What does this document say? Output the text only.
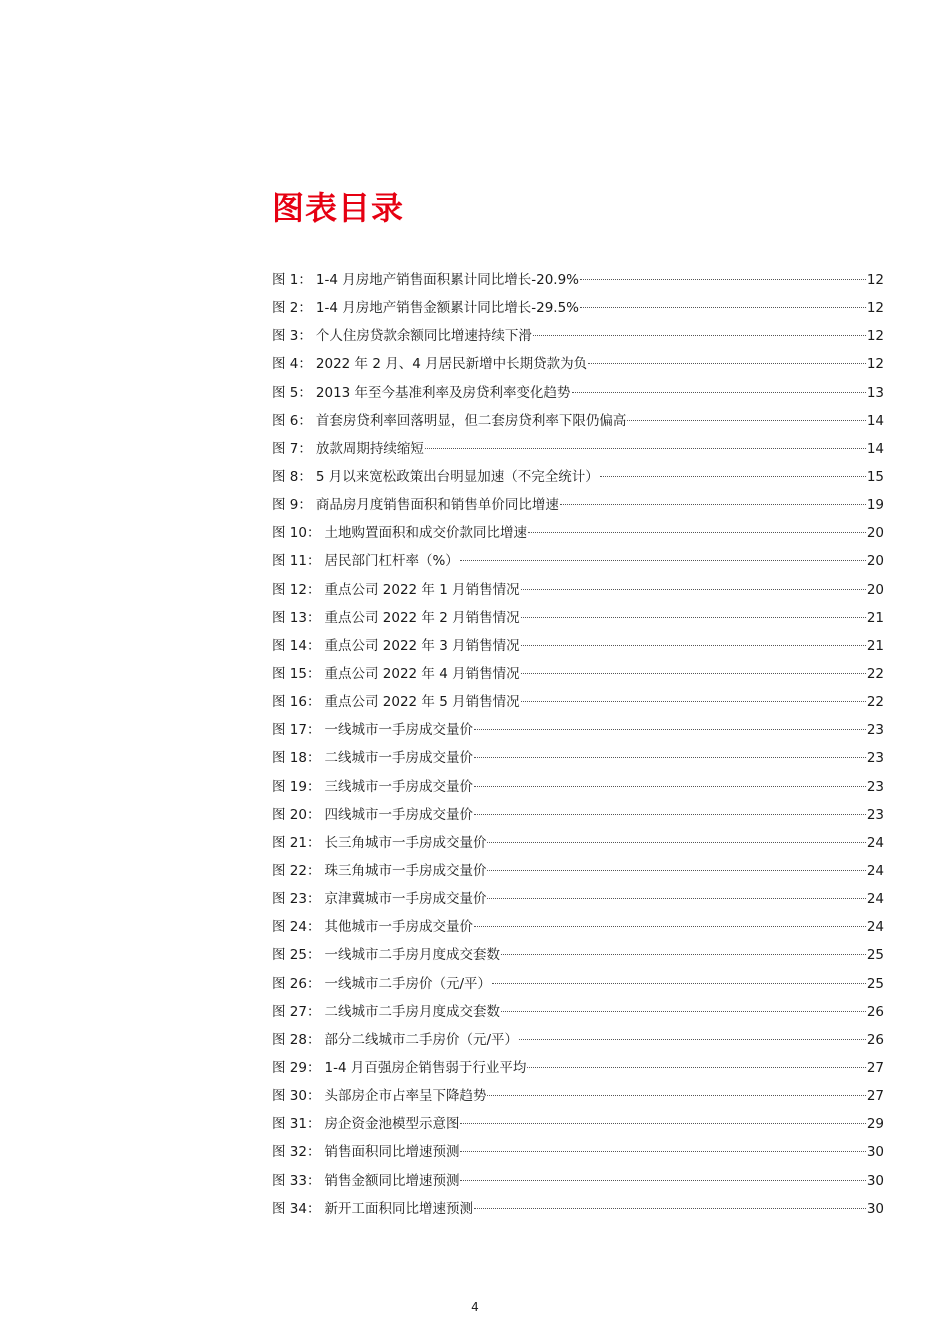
图表目录
图 1： 1-4 月房地产销售面积累计同比增长-20.9%	12
图 2： 1-4 月房地产销售金额累计同比增长-29.5%	12
图 3： 个人住房贷款余额同比增速持续下滑	12
图 4： 2022 年 2 月、4 月居民新增中长期贷款为负	12
图 5： 2013 年至今基准利率及房贷利率变化趋势	13
图 6： 首套房贷利率回落明显，但二套房贷利率下限仍偏高	14
图 7： 放款周期持续缩短	14
图 8： 5 月以来宽松政策出台明显加速（不完全统计）	15
图 9： 商品房月度销售面积和销售单价同比增速	19
图 10： 土地购置面积和成交价款同比增速	20
图 11： 居民部门杠杆率（%）	20
图 12： 重点公司 2022 年 1 月销售情况	20
图 13： 重点公司 2022 年 2 月销售情况	21
图 14： 重点公司 2022 年 3 月销售情况	21
图 15： 重点公司 2022 年 4 月销售情况	22
图 16： 重点公司 2022 年 5 月销售情况	22
图 17： 一线城市一手房成交量价	23
图 18： 二线城市一手房成交量价	23
图 19： 三线城市一手房成交量价	23
图 20： 四线城市一手房成交量价	23
图 21： 长三角城市一手房成交量价	24
图 22： 珠三角城市一手房成交量价	24
图 23： 京津冀城市一手房成交量价	24
图 24： 其他城市一手房成交量价	24
图 25： 一线城市二手房月度成交套数	25
图 26： 一线城市二手房价（元/平）	25
图 27： 二线城市二手房月度成交套数	26
图 28： 部分二线城市二手房价（元/平）	26
图 29： 1-4 月百强房企销售弱于行业平均	27
图 30： 头部房企市占率呈下降趋势	27
图 31： 房企资金池模型示意图	29
图 32： 销售面积同比增速预测	30
图 33： 销售金额同比增速预测	30
图 34： 新开工面积同比增速预测	30
4
